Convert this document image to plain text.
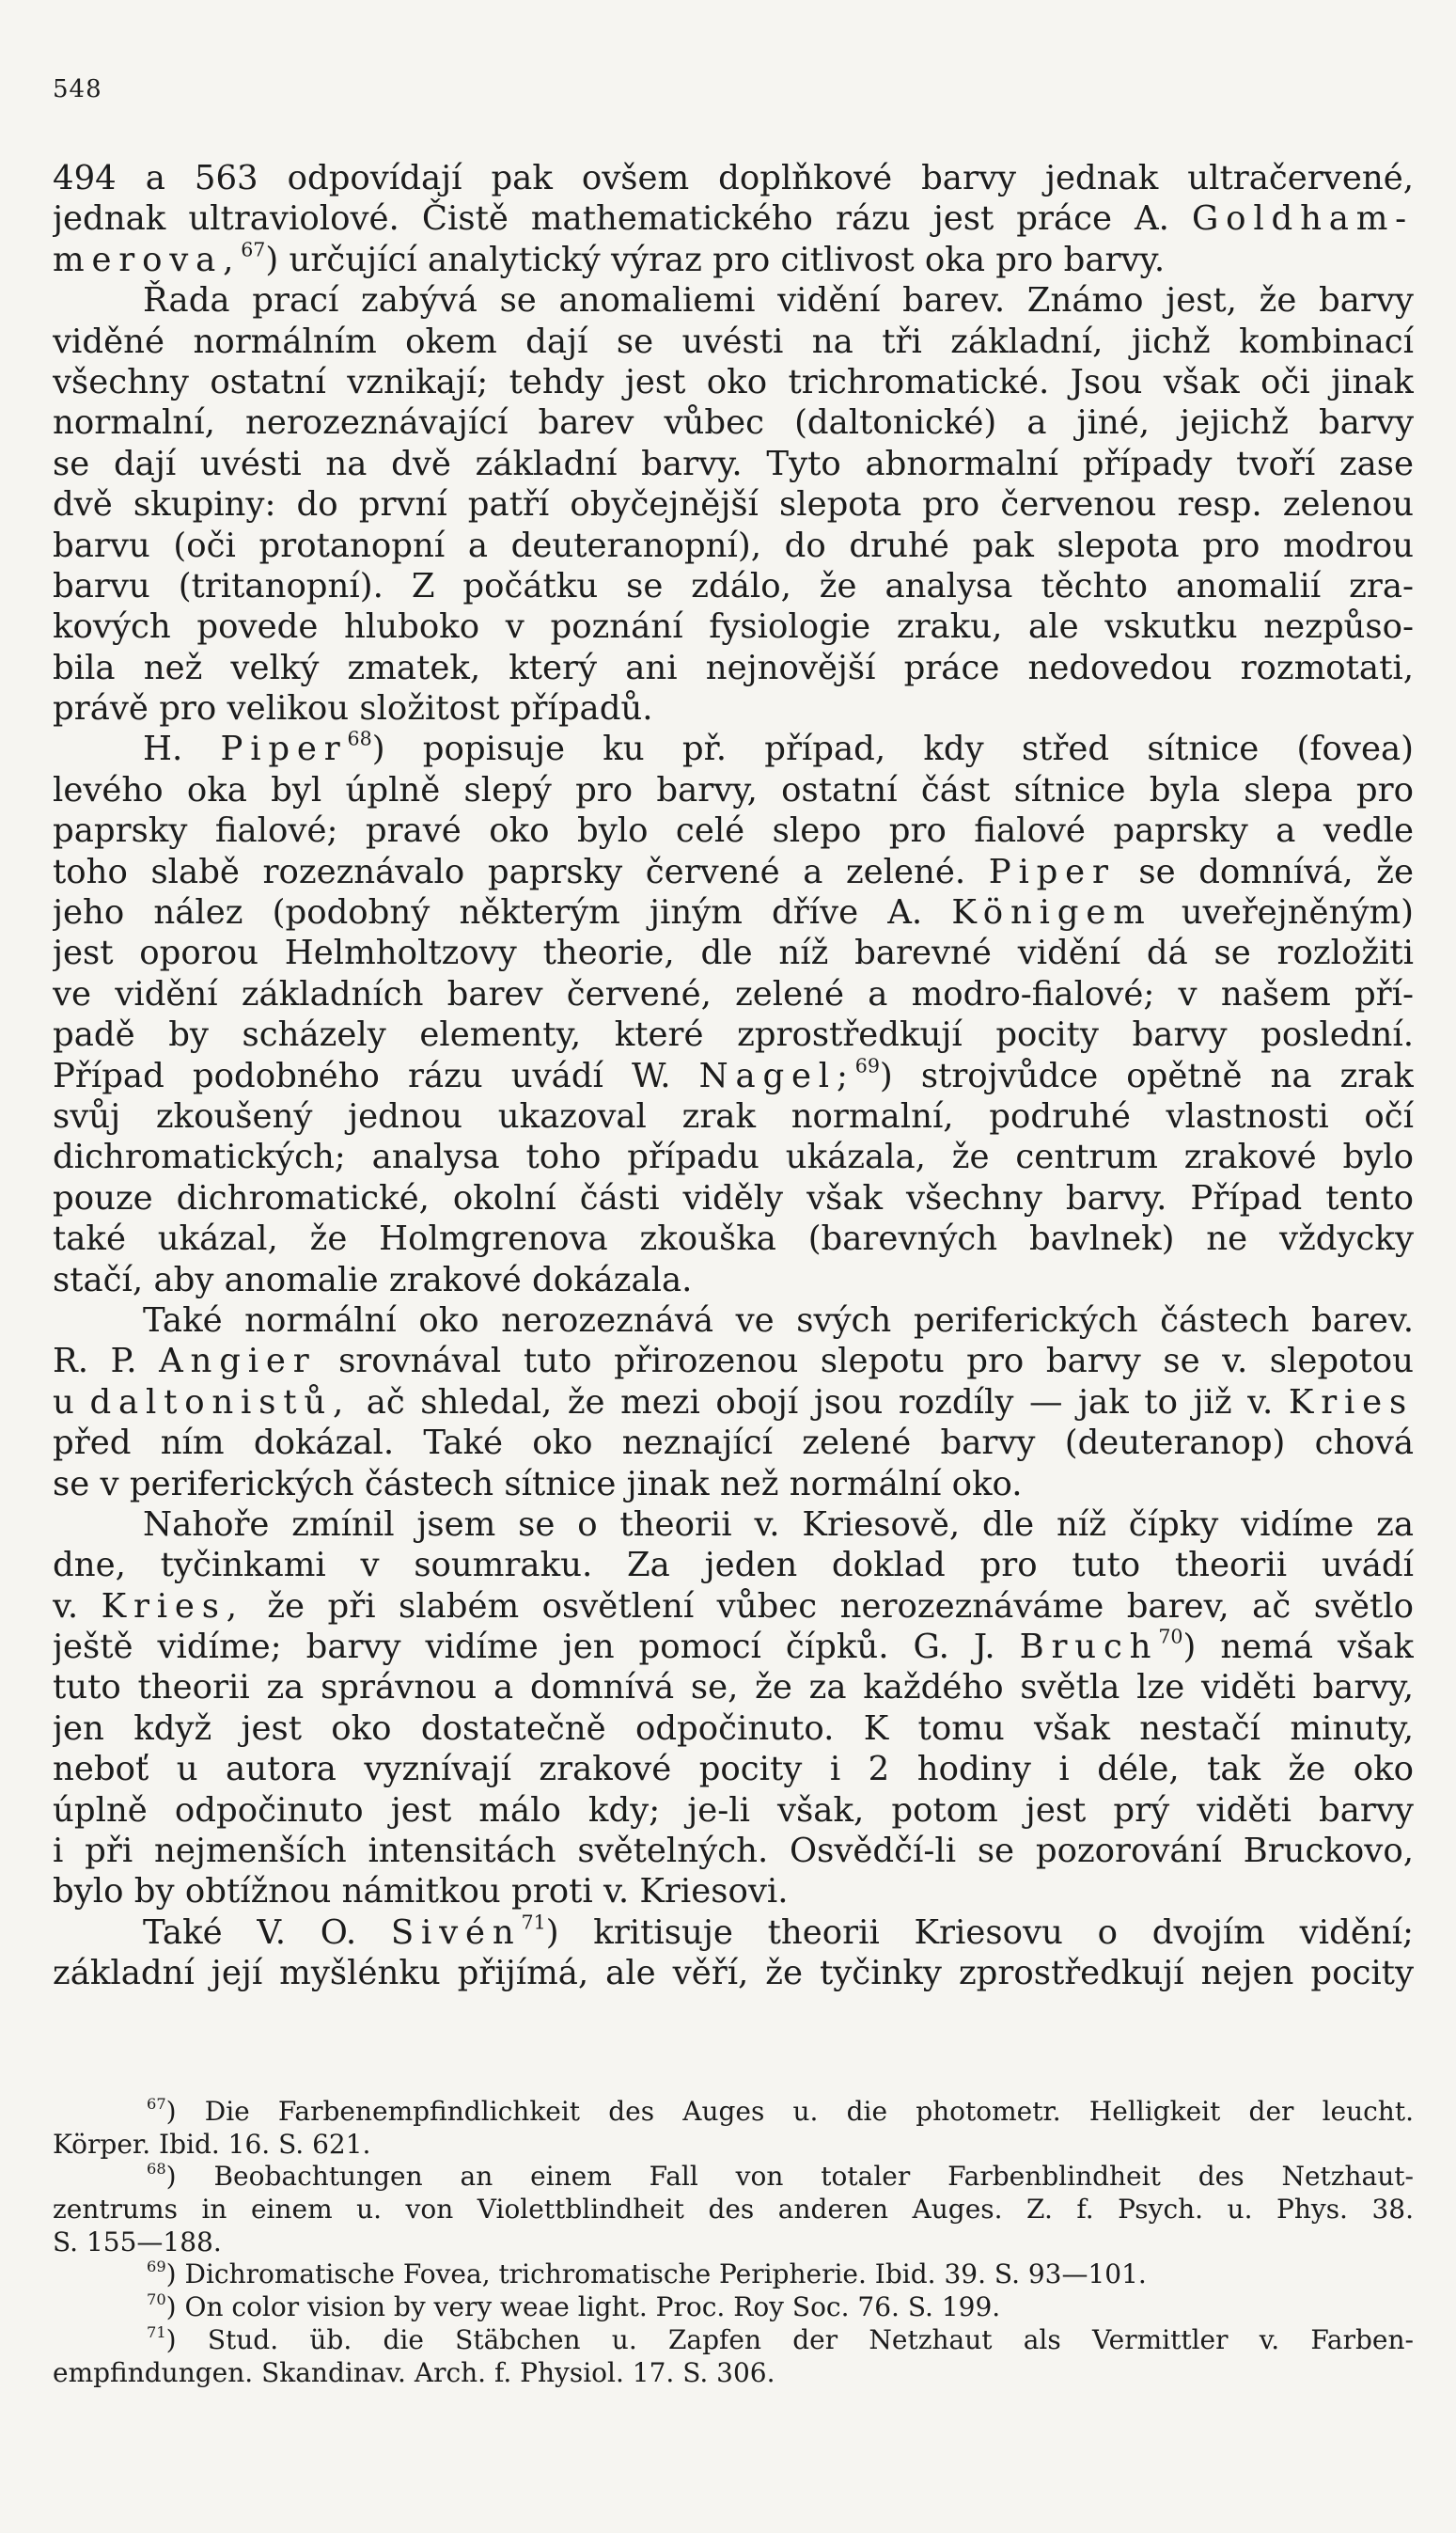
548
494 a 563 odpovídají pak ovšem doplňkové barvy jednak ultračervené,
jednak ultraviolové. Čistě mathematického rázu jest práce A. Goldham-
merova,$^{67}$) určující analytický výraz pro citlivost oka pro barvy.
Řada prací zabývá se anomaliemi vidění barev. Známo jest, že barvy
viděné normálním okem dají se uvésti na tři základní, jichž kombinací
všechny ostatní vznikají; tehdy jest oko trichromatické. Jsou však oči jinak
normalní, nerozeznávající barev vůbec (daltonické) a jiné, jejichž barvy
se dají uvésti na dvě základní barvy. Tyto abnormalní případy tvoří zase
dvě skupiny: do první patří obyčejnější slepota pro červenou resp. zelenou
barvu (oči protanopní a deuteranopní), do druhé pak slepota pro modrou
barvu (tritanopní). Z počátku se zdálo, že analysa těchto anomalií zra-
kových povede hluboko v poznání fysiologie zraku, ale vskutku nezpůso-
bila než velký zmatek, který ani nejnovější práce nedovedou rozmotati,
právě pro velikou složitost případů.
H. Piper$^{68}$) popisuje ku př. případ, kdy střed sítnice (fovea)
levého oka byl úplně slepý pro barvy, ostatní část sítnice byla slepa pro
paprsky fialové; pravé oko bylo celé slepo pro fialové paprsky a vedle
toho slabě rozeznávalo paprsky červené a zelené. Piper se domnívá, že
jeho nález (podobný některým jiným dříve A. Königem uveřejněným)
jest oporou Helmholtzovy theorie, dle níž barevné vidění dá se rozložiti
ve vidění základních barev červené, zelené a modro-fialové; v našem pří-
padě by scházely elementy, které zprostředkují pocity barvy poslední.
Případ podobného rázu uvádí W. Nagel;$^{69}$) strojvůdce opětně na zrak
svůj zkoušený jednou ukazoval zrak normalní, podruhé vlastnosti očí
dichromatických; analysa toho případu ukázala, že centrum zrakové bylo
pouze dichromatické, okolní části viděly však všechny barvy. Případ tento
také ukázal, že Holmgrenova zkouška (barevných bavlnek) ne vždycky
stačí, aby anomalie zrakové dokázala.
Také normální oko nerozeznává ve svých periferických částech barev.
R. P. Angier srovnával tuto přirozenou slepotu pro barvy se v. slepotou
u daltonistů, ač shledal, že mezi obojí jsou rozdíly — jak to již v. Kries
před ním dokázal. Také oko neznající zelené barvy (deuteranop) chová
se v periferických částech sítnice jinak než normální oko.
Nahoře zmínil jsem se o theorii v. Kriesově, dle níž čípky vidíme za
dne, tyčinkami v soumraku. Za jeden doklad pro tuto theorii uvádí
v. Kries, že při slabém osvětlení vůbec nerozeznáváme barev, ač světlo
ještě vidíme; barvy vidíme jen pomocí čípků. G. J. Bruch$^{70}$) nemá však
tuto theorii za správnou a domnívá se, že za každého světla lze viděti barvy,
jen když jest oko dostatečně odpočinuto. K tomu však nestačí minuty,
neboť u autora vyznívají zrakové pocity i 2 hodiny i déle, tak že oko
úplně odpočinuto jest málo kdy; je-li však, potom jest prý viděti barvy
i při nejmenších intensitách světelných. Osvědčí-li se pozorování Bruckovo,
bylo by obtížnou námitkou proti v. Kriesovi.
Také V. O. Sivén$^{71}$) kritisuje theorii Kriesovu o dvojím vidění;
základní její myšlénku přijímá, ale věří, že tyčinky zprostředkují nejen pocity
$^{67}$) Die Farbenempfindlichkeit des Auges u. die photometr. Helligkeit der leucht.
Körper. Ibid. 16. S. 621.
$^{68}$) Beobachtungen an einem Fall von totaler Farbenblindheit des Netzhaut-
zentrums in einem u. von Violettblindheit des anderen Auges. Z. f. Psych. u. Phys. 38.
S. 155—188.
$^{69}$) Dichromatische Fovea, trichromatische Peripherie. Ibid. 39. S. 93—101.
$^{70}$) On color vision by very weae light. Proc. Roy Soc. 76. S. 199.
$^{71}$) Stud. üb. die Stäbchen u. Zapfen der Netzhaut als Vermittler v. Farben-
empfindungen. Skandinav. Arch. f. Physiol. 17. S. 306.
